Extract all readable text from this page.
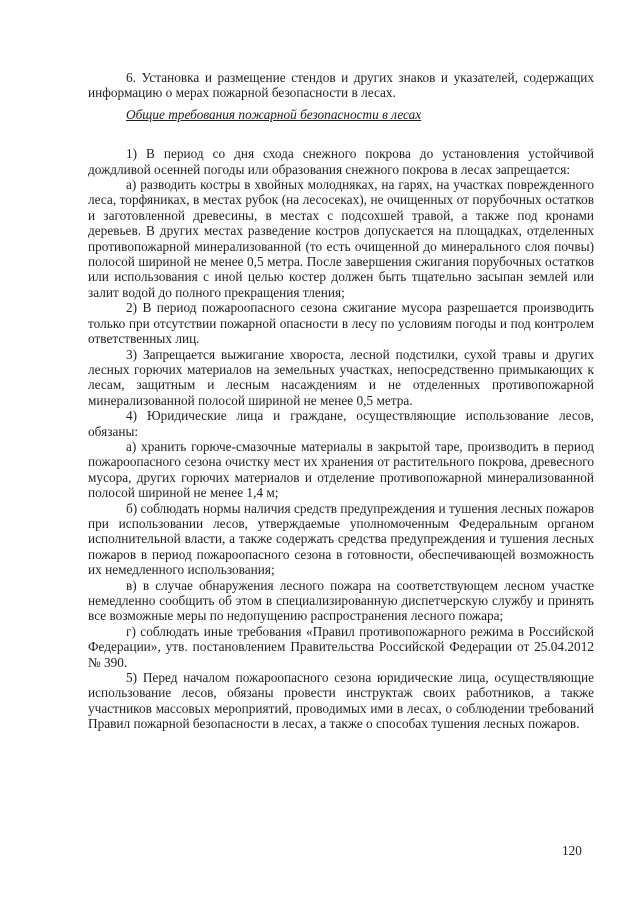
6. Установка и размещение стендов и других знаков и указателей, содержащих информацию о мерах пожарной безопасности в лесах.

Общие требования пожарной безопасности в лесах

1) В период со дня схода снежного покрова до установления устойчивой дождливой осенней погоды или образования снежного покрова в лесах запрещается:

а) разводить костры в хвойных молодняках, на гарях, на участках поврежденного леса, торфяниках, в местах рубок (на лесосеках), не очищенных от порубочных остатков и заготовленной древесины, в местах с подсохшей травой, а также под кронами деревьев. В других местах разведение костров допускается на площадках, отделенных противопожарной минерализованной (то есть очищенной до минерального слоя почвы) полосой шириной не менее 0,5 метра. После завершения сжигания порубочных остатков или использования с иной целью костер должен быть тщательно засыпан землей или залит водой до полного прекращения тления;

2) В период пожароопасного сезона сжигание мусора разрешается производить только при отсутствии пожарной опасности в лесу по условиям погоды и под контролем ответственных лиц.

3) Запрещается выжигание хвороста, лесной подстилки, сухой травы и других лесных горючих материалов на земельных участках, непосредственно примыкающих к лесам, защитным и лесным насаждениям и не отделенных противопожарной минерализованной полосой шириной не менее 0,5 метра.

4) Юридические лица и граждане, осуществляющие использование лесов, обязаны:

а) хранить горюче-смазочные материалы в закрытой таре, производить в период пожароопасного сезона очистку мест их хранения от растительного покрова, древесного мусора, других горючих материалов и отделение противопожарной минерализованной полосой шириной не менее 1,4 м;

б) соблюдать нормы наличия средств предупреждения и тушения лесных пожаров при использовании лесов, утверждаемые уполномоченным Федеральным органом исполнительной власти, а также содержать средства предупреждения и тушения лесных пожаров в период пожароопасного сезона в готовности, обеспечивающей возможность их немедленного использования;

в) в случае обнаружения лесного пожара на соответствующем лесном участке немедленно сообщить об этом в специализированную диспетчерскую службу и принять все возможные меры по недопущению распространения лесного пожара;

г) соблюдать иные требования «Правил противопожарного режима в Российской Федерации», утв. постановлением Правительства Российской Федерации от 25.04.2012 № 390.

5) Перед началом пожароопасного сезона юридические лица, осуществляющие использование лесов, обязаны провести инструктаж своих работников, а также участников массовых мероприятий, проводимых ими в лесах, о соблюдении требований Правил пожарной безопасности в лесах, а также о способах тушения лесных пожаров.

120
